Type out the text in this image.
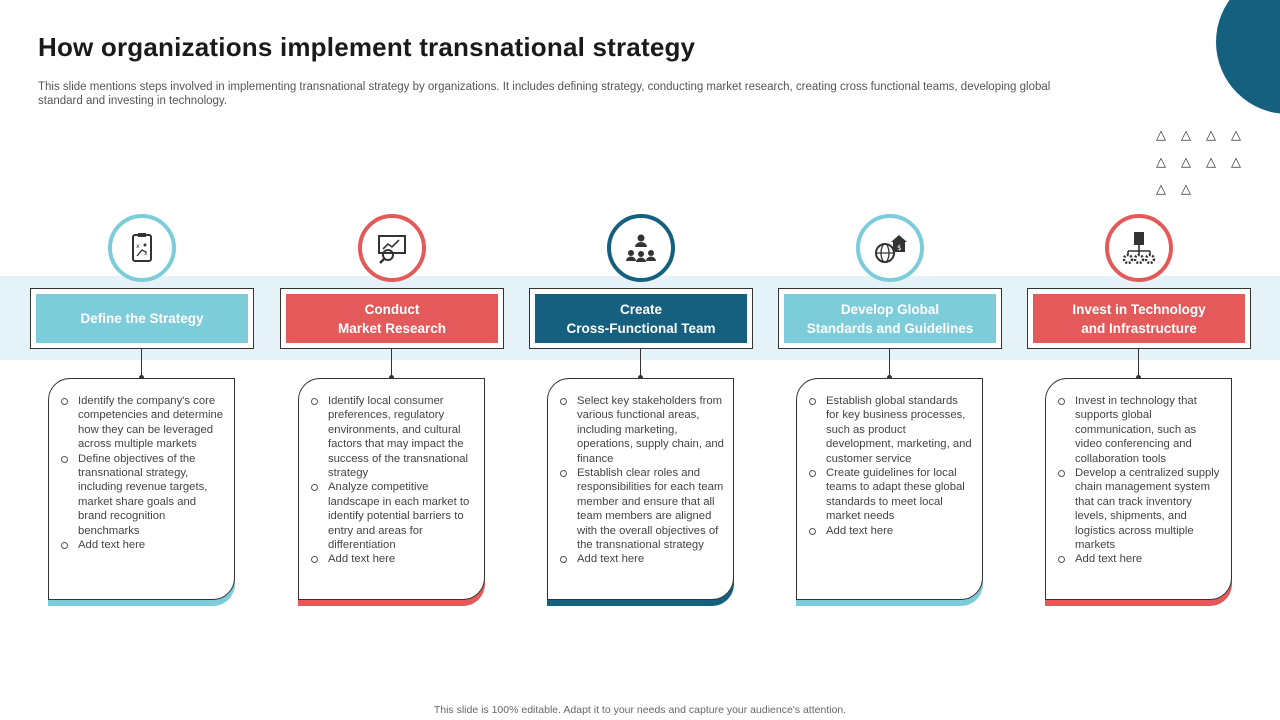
△	△	△	△
△	△	△	△
△	△
How organizations implement transnational strategy

This slide mentions steps involved in implementing transnational strategy by organizations. It includes defining strategy, conducting market research, creating cross functional teams, developing global standard and investing in technology.

x
x
Define the Strategy
Identify the company's core competencies and determine how they can be leveraged across multiple markets
Define objectives of the transnational strategy, including revenue targets, market share goals and brand recognition benchmarks
Add text here
Conduct
Market Research
Identify local consumer preferences, regulatory environments, and cultural factors that may impact the success of the transnational strategy
Analyze competitive landscape in each market to identify potential barriers to entry and areas for differentiation
Add text here
Create
Cross-Functional Team
Select key stakeholders from various functional areas, including marketing, operations, supply chain, and finance
Establish clear roles and responsibilities for each team member and ensure that all team members are aligned with the overall objectives of the transnational strategy
Add text here
$
Develop Global
Standards and Guidelines
Establish global standards for key business processes, such as product development, marketing, and customer service
Create guidelines for local teams to adapt these global standards to meet local market needs
Add text here
Invest in Technology
and Infrastructure
Invest in technology that supports global communication, such as video conferencing and collaboration tools
Develop a centralized supply chain management system that can track inventory levels, shipments, and logistics across multiple markets
Add text here
This slide is 100% editable. Adapt it to your needs and capture your audience's attention.
